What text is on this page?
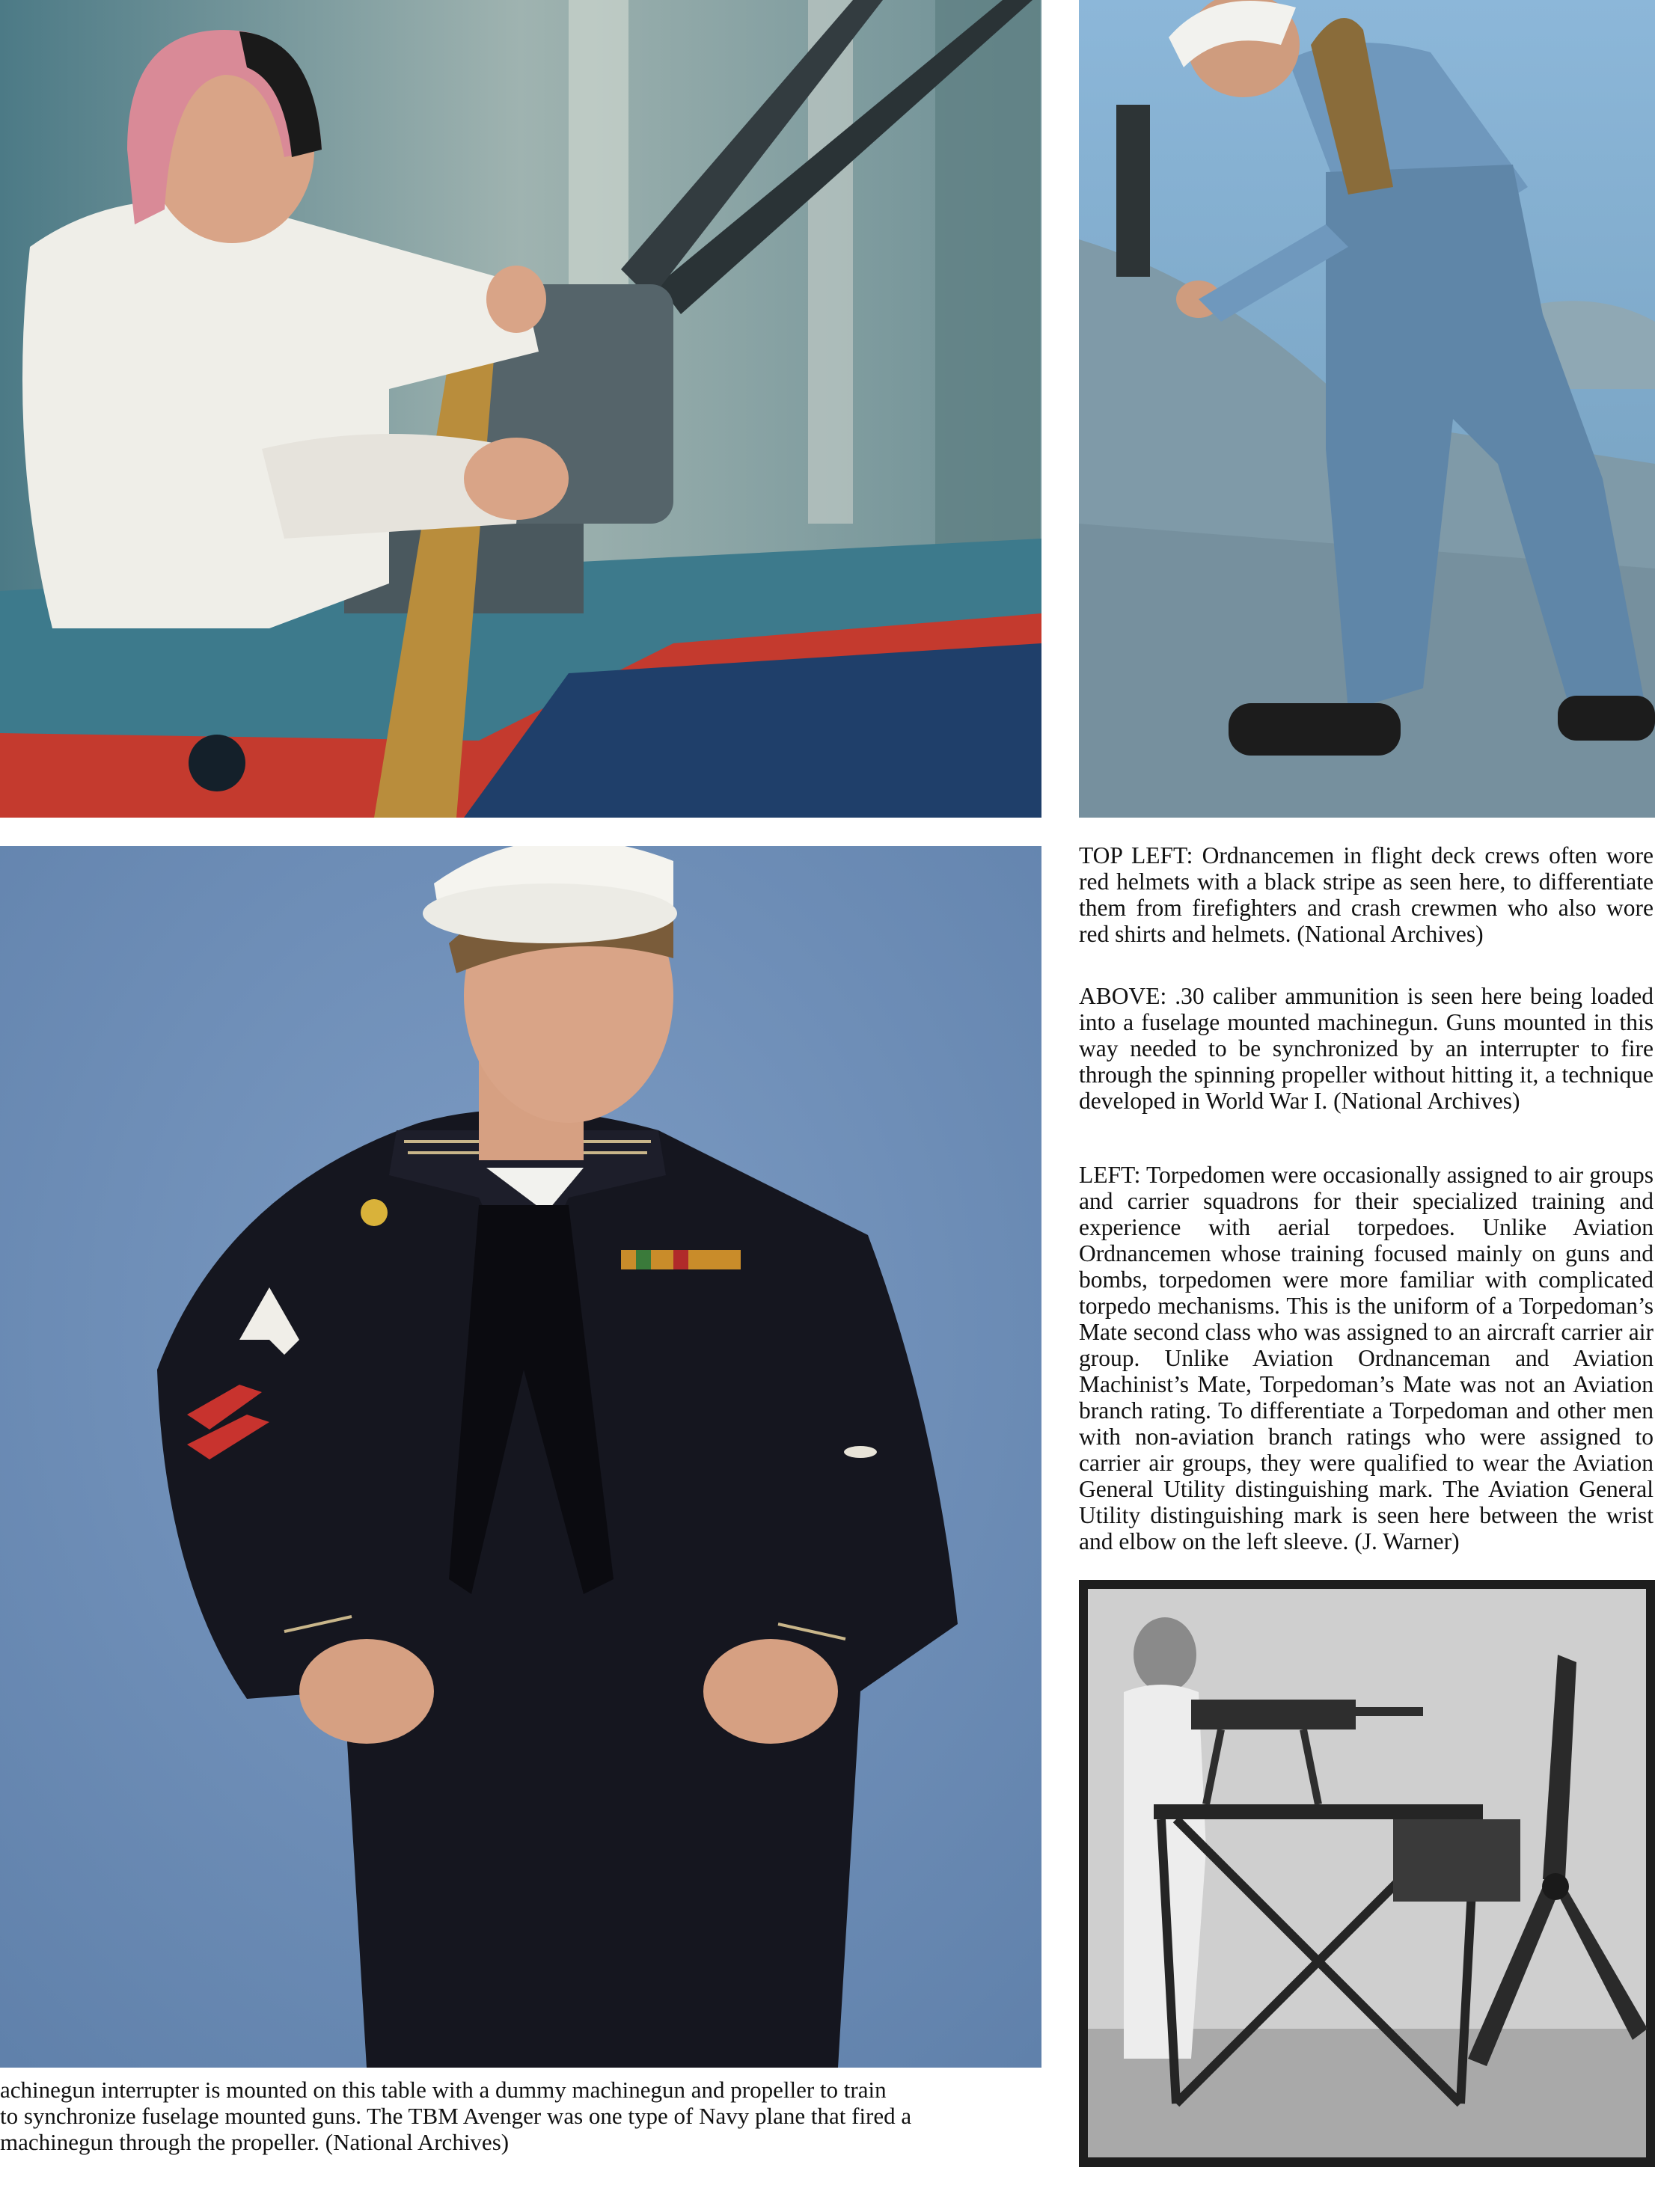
TOP LEFT: Ordnancemen in flight deck crews often wore red helmets with a black stripe as seen here, to differentiate them from firefighters and crash crewmen who also wore red shirts and helmets. (National Archives)

ABOVE: .30 caliber ammunition is seen here being loaded into a fuselage mounted machinegun. Guns mounted in this way needed to be synchronized by an interrupter to fire through the spinning propeller without hitting it, a technique developed in World War I. (National Archives)

LEFT: Torpedomen were occasionally assigned to air groups and carrier squadrons for their specialized training and experience with aerial torpedoes. Unlike Aviation Ordnancemen whose training focused mainly on guns and bombs, torpedomen were more familiar with complicated torpedo mechanisms. This is the uniform of a Torpedoman’s Mate second class who was assigned to an aircraft carrier air group. Unlike Aviation Ordnanceman and Aviation Machinist’s Mate, Torpedoman’s Mate was not an Aviation branch rating. To differentiate a Torpedoman and other men with non-aviation branch ratings who were assigned to carrier air groups, they were qualified to wear the Aviation General Utility distinguishing mark. The Aviation General Utility distinguishing mark is seen here between the wrist and elbow on the left sleeve. (J. Warner)

achinegun interrupter is mounted on this table with a dummy machinegun and propeller to train
to synchronize fuselage mounted guns. The TBM Avenger was one type of Navy plane that fired a
machinegun through the propeller. (National Archives)
